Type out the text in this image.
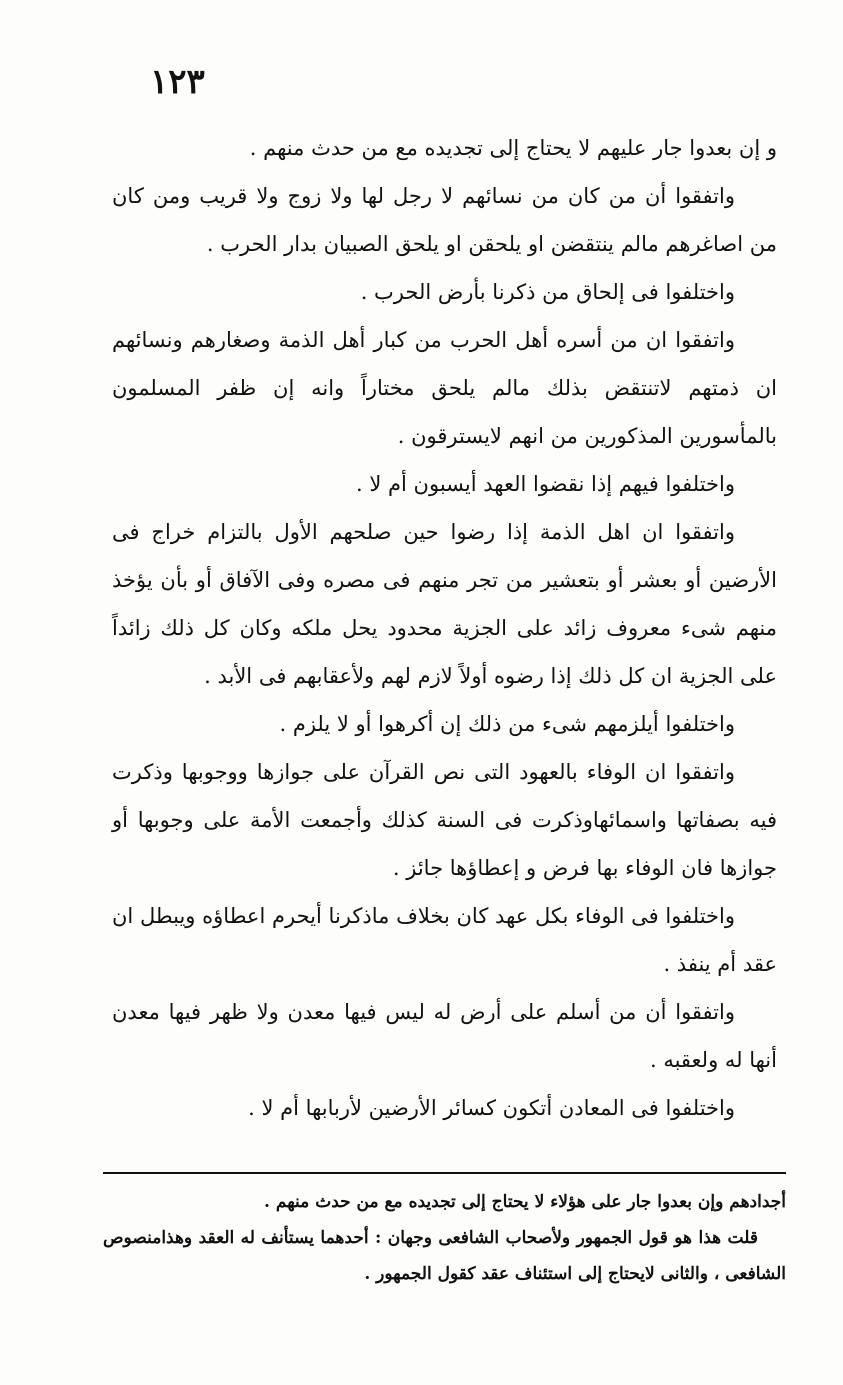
١٢٣

و إن بعدوا جار عليهم لا يحتاج إلى تجديده مع من حدث منهم .

واتفقوا أن من كان من نسائهم لا رجل لها ولا زوج ولا قريب ومن كان من اصاغرهم مالم ينتقضن او يلحقن او يلحق الصبيان بدار الحرب .

واختلفوا فى إلحاق من ذكرنا بأرض الحرب .

واتفقوا ان من أسره أهل الحرب من كبار أهل الذمة وصغارهم ونسائهم ان ذمتهم لاتنتقض بذلك مالم يلحق مختاراً وانه إن ظفر المسلمون بالمأسورين المذكورين من انهم لايسترقون .

واختلفوا فيهم إذا نقضوا العهد أيسبون أم لا .

واتفقوا ان اهل الذمة إذا رضوا حين صلحهم الأول بالتزام خراج فى الأرضين أو بعشر أو بتعشير من تجر منهم فى مصره وفى الآفاق أو بأن يؤخذ منهم شىء معروف زائد على الجزية محدود يحل ملكه وكان كل ذلك زائداً على الجزية ان كل ذلك إذا رضوه أولاً لازم لهم ولأعقابهم فى الأبد .

واختلفوا أيلزمهم شىء من ذلك إن أكرهوا أو لا يلزم .

واتفقوا ان الوفاء بالعهود التى نص القرآن على جوازها ووجوبها وذكرت فيه بصفاتها واسمائهاوذكرت فى السنة كذلك وأجمعت الأمة على وجوبها أو جوازها فان الوفاء بها فرض و إعطاؤها جائز .

واختلفوا فى الوفاء بكل عهد كان بخلاف ماذكرنا أيحرم اعطاؤه ويبطل ان عقد أم ينفذ .

واتفقوا أن من أسلم على أرض له ليس فيها معدن ولا ظهر فيها معدن أنها له ولعقبه .

واختلفوا فى المعادن أتكون كسائر الأرضين لأربابها أم لا .

أجدادهم وإن بعدوا جار على هؤلاء لا يحتاج إلى تجديده مع من حدث منهم .

قلت هذا هو قول الجمهور ولأصحاب الشافعى وجهان : أحدهما يستأنف له العقد وهذامنصوص الشافعى ، والثانى لايحتاج إلى استئناف عقد كقول الجمهور .
